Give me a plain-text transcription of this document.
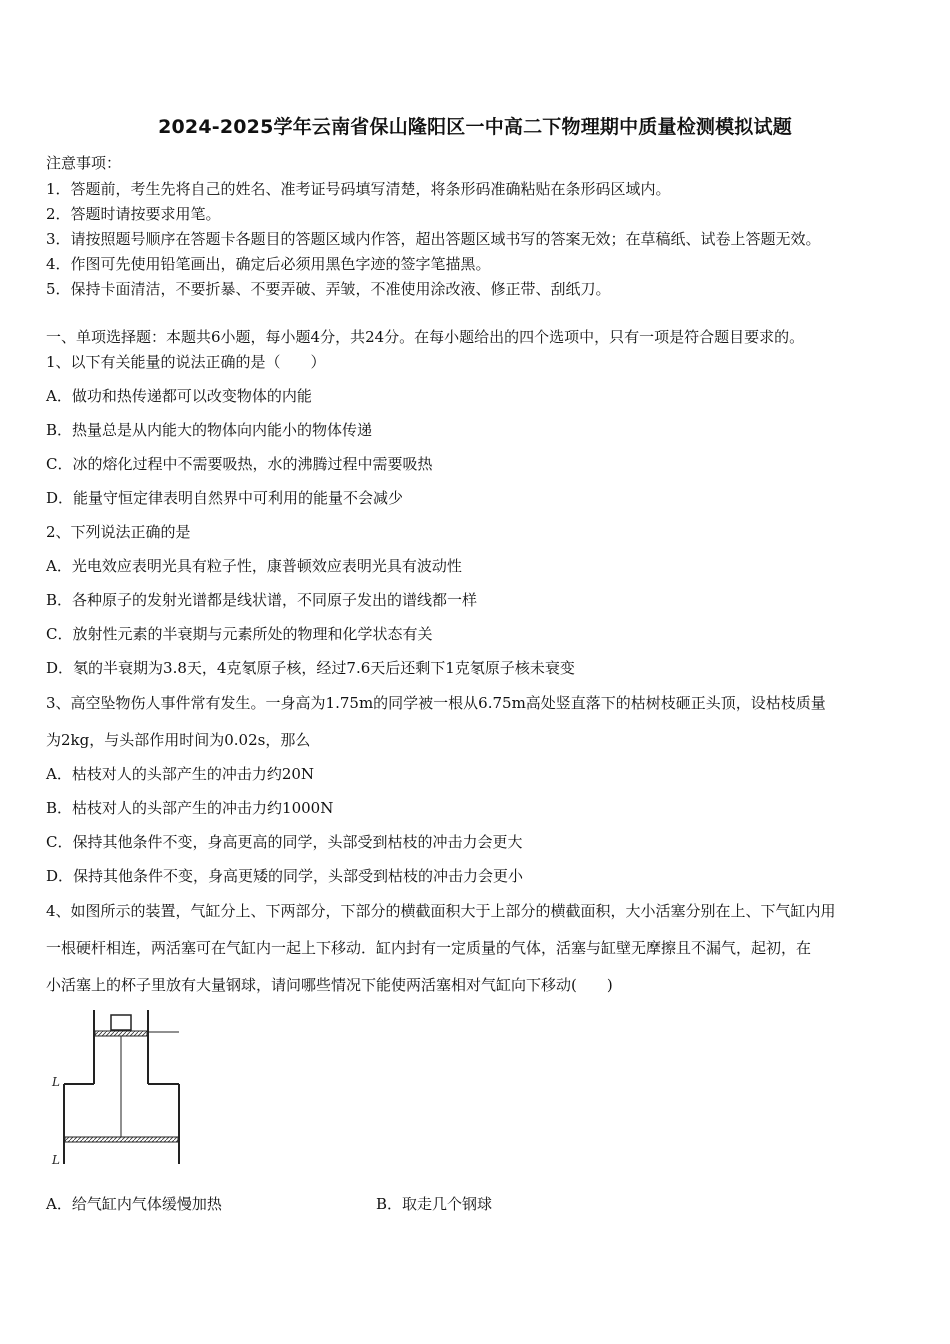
2024-2025学年云南省保山隆阳区一中高二下物理期中质量检测模拟试题
注意事项：
1．答题前，考生先将自己的姓名、准考证号码填写清楚，将条形码准确粘贴在条形码区域内。
2．答题时请按要求用笔。
3．请按照题号顺序在答题卡各题目的答题区域内作答，超出答题区域书写的答案无效；在草稿纸、试卷上答题无效。
4．作图可先使用铅笔画出，确定后必须用黑色字迹的签字笔描黑。
5．保持卡面清洁，不要折暴、不要弄破、弄皱，不准使用涂改液、修正带、刮纸刀。
一、单项选择题：本题共6小题，每小题4分，共24分。在每小题给出的四个选项中，只有一项是符合题目要求的。
1、以下有关能量的说法正确的是（　　）
A．做功和热传递都可以改变物体的内能
B．热量总是从内能大的物体向内能小的物体传递
C．冰的熔化过程中不需要吸热，水的沸腾过程中需要吸热
D．能量守恒定律表明自然界中可利用的能量不会减少
2、下列说法正确的是
A．光电效应表明光具有粒子性，康普顿效应表明光具有波动性
B．各种原子的发射光谱都是线状谱，不同原子发出的谱线都一样
C．放射性元素的半衰期与元素所处的物理和化学状态有关
D．氡的半衰期为3.8天，4克氡原子核，经过7.6天后还剩下1克氡原子核未衰变
3、高空坠物伤人事件常有发生。一身高为1.75m的同学被一根从6.75m高处竖直落下的枯树枝砸正头顶，设枯枝质量
为2kg，与头部作用时间为0.02s，那么
A．枯枝对人的头部产生的冲击力约20N
B．枯枝对人的头部产生的冲击力约1000N
C．保持其他条件不变，身高更高的同学，头部受到枯枝的冲击力会更大
D．保持其他条件不变，身高更矮的同学，头部受到枯枝的冲击力会更小
4、如图所示的装置，气缸分上、下两部分，下部分的横截面积大于上部分的横截面积，大小活塞分别在上、下气缸内用
一根硬杆相连，两活塞可在气缸内一起上下移动．缸内封有一定质量的气体，活塞与缸壁无摩擦且不漏气，起初，在
小活塞上的杯子里放有大量钢球，请问哪些情况下能使两活塞相对气缸向下移动(　　)
L
L
A．给气缸内气体缓慢加热	B．取走几个钢球
